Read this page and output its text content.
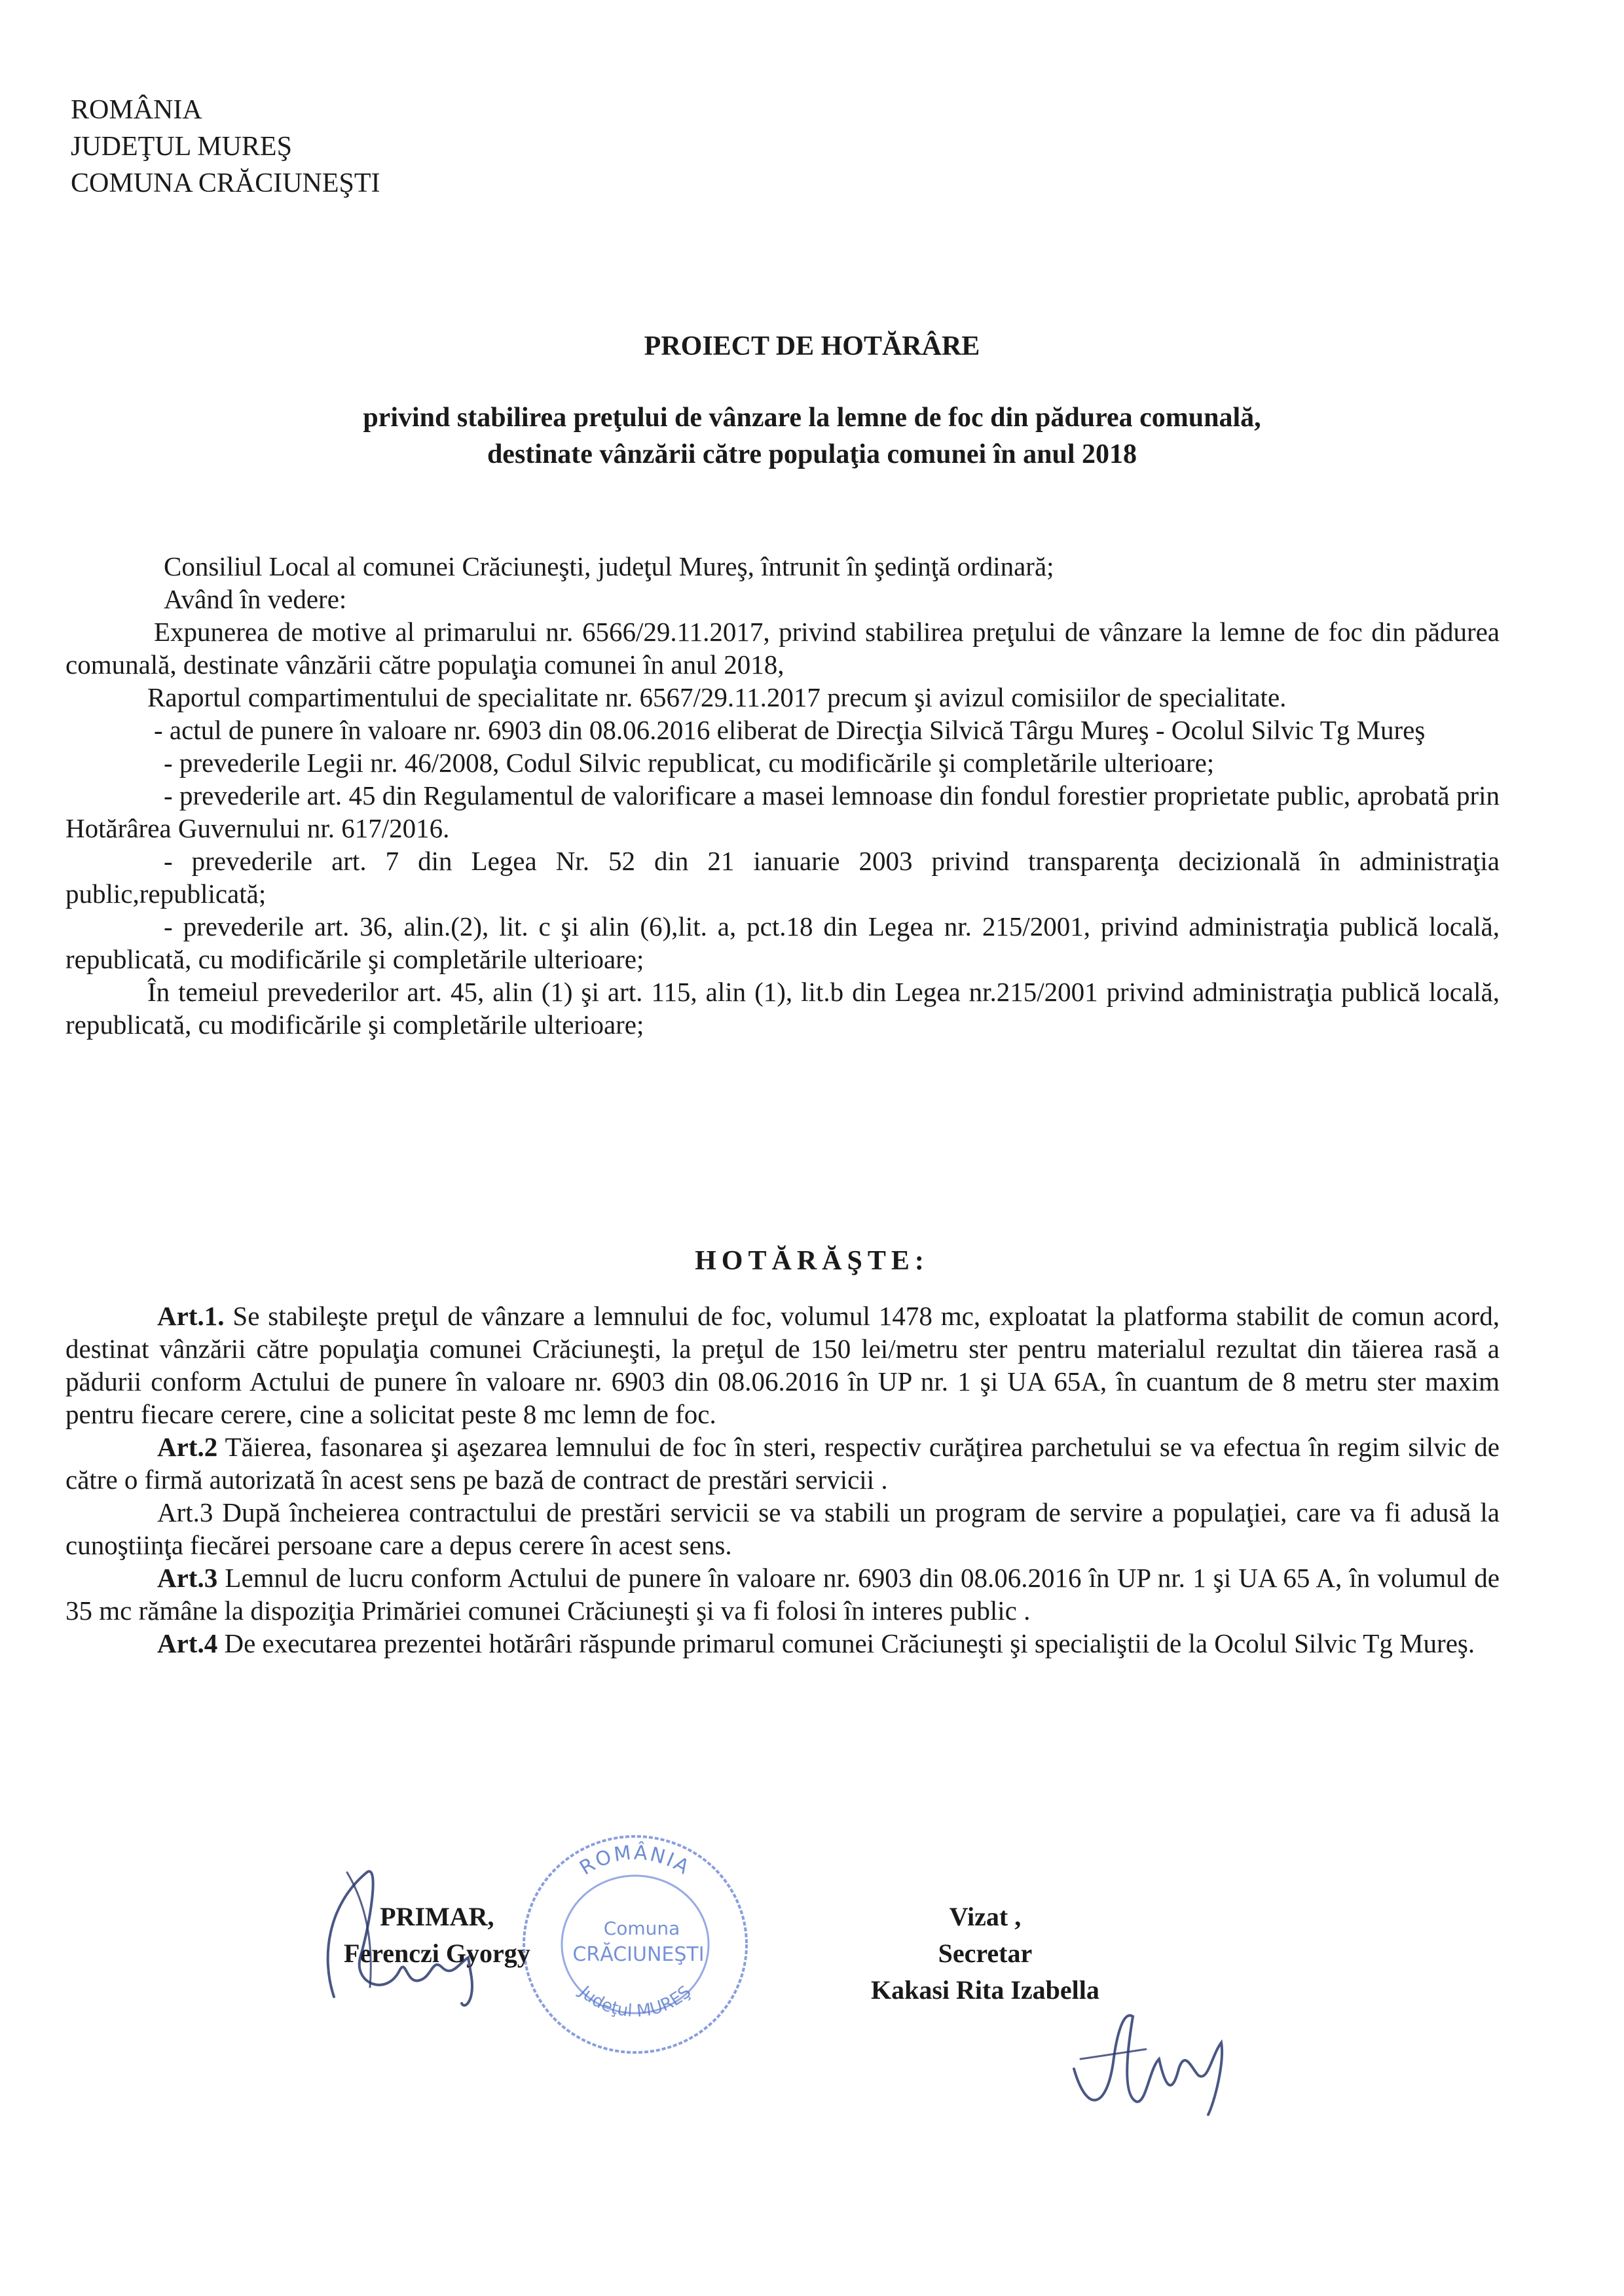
ROMÂNIA
JUDEŢUL MUREŞ
COMUNA CRĂCIUNEŞTI
PROIECT DE HOTĂRÂRE
privind stabilirea preţului de vânzare la lemne de foc din pădurea comunală,
destinate vânzării către populaţia comunei în anul 2018

Consiliul Local al comunei Crăciuneşti, judeţul Mureş, întrunit în şedinţă ordinară;

Având în vedere:

Expunerea de motive al primarului nr. 6566/29.11.2017, privind stabilirea preţului de vânzare la lemne de foc din pădurea comunală, destinate vânzării către populaţia comunei în anul 2018,

Raportul compartimentului de specialitate nr. 6567/29.11.2017 precum şi avizul comisiilor de specialitate.

- actul de punere în valoare nr. 6903 din 08.06.2016 eliberat de Direcţia Silvică Târgu Mureş - Ocolul Silvic Tg Mureş

- prevederile Legii nr. 46/2008, Codul Silvic republicat, cu modificările şi completările ulterioare;

- prevederile art. 45 din Regulamentul de valorificare a masei lemnoase din fondul forestier proprietate public, aprobată prin Hotărârea Guvernului nr. 617/2016.

- prevederile art. 7 din Legea Nr. 52 din 21 ianuarie 2003 privind transparenţa decizională în administraţia public,republicată;

- prevederile art. 36, alin.(2), lit. c şi alin (6),lit. a, pct.18 din Legea nr. 215/2001, privind administraţia publică locală, republicată, cu modificările şi completările ulterioare;

În temeiul prevederilor art. 45, alin (1) şi art. 115, alin (1), lit.b din Legea nr.215/2001 privind administraţia publică locală, republicată, cu modificările şi completările ulterioare;

HOTĂRĂŞTE:

Art.1. Se stabileşte preţul de vânzare a lemnului de foc, volumul 1478 mc, exploatat la platforma stabilit de comun acord, destinat vânzării către populaţia comunei Crăciuneşti, la preţul de 150 lei/metru ster pentru materialul rezultat din tăierea rasă a pădurii conform Actului de punere în valoare nr. 6903 din 08.06.2016 în UP nr. 1 şi UA 65A, în cuantum de 8 metru ster maxim pentru fiecare cerere, cine a solicitat peste 8 mc lemn de foc.

Art.2 Tăierea, fasonarea şi aşezarea lemnului de foc în steri, respectiv curăţirea parchetului se va efectua în regim silvic de către o firmă autorizată în acest sens pe bază de contract de prestări servicii .

Art.3 După încheierea contractului de prestări servicii se va stabili un program de servire a populaţiei, care va fi adusă la cunoştiinţa fiecărei persoane care a depus cerere în acest sens.

Art.3 Lemnul de lucru conform Actului de punere în valoare nr. 6903 din 08.06.2016 în UP nr. 1 şi UA 65 A, în volumul de 35 mc rămâne la dispoziţia Primăriei comunei Crăciuneşti şi va fi folosi în interes public .

Art.4 De executarea prezentei hotărâri răspunde primarul comunei Crăciuneşti şi specialiştii de la Ocolul Silvic Tg Mureş.

ROMÂNIA
Comuna
CRĂCIUNEŞTI
Judeţul MUREŞ
PRIMAR,
Ferenczi Gyorgy
Vizat ,
Secretar
Kakasi Rita Izabella
